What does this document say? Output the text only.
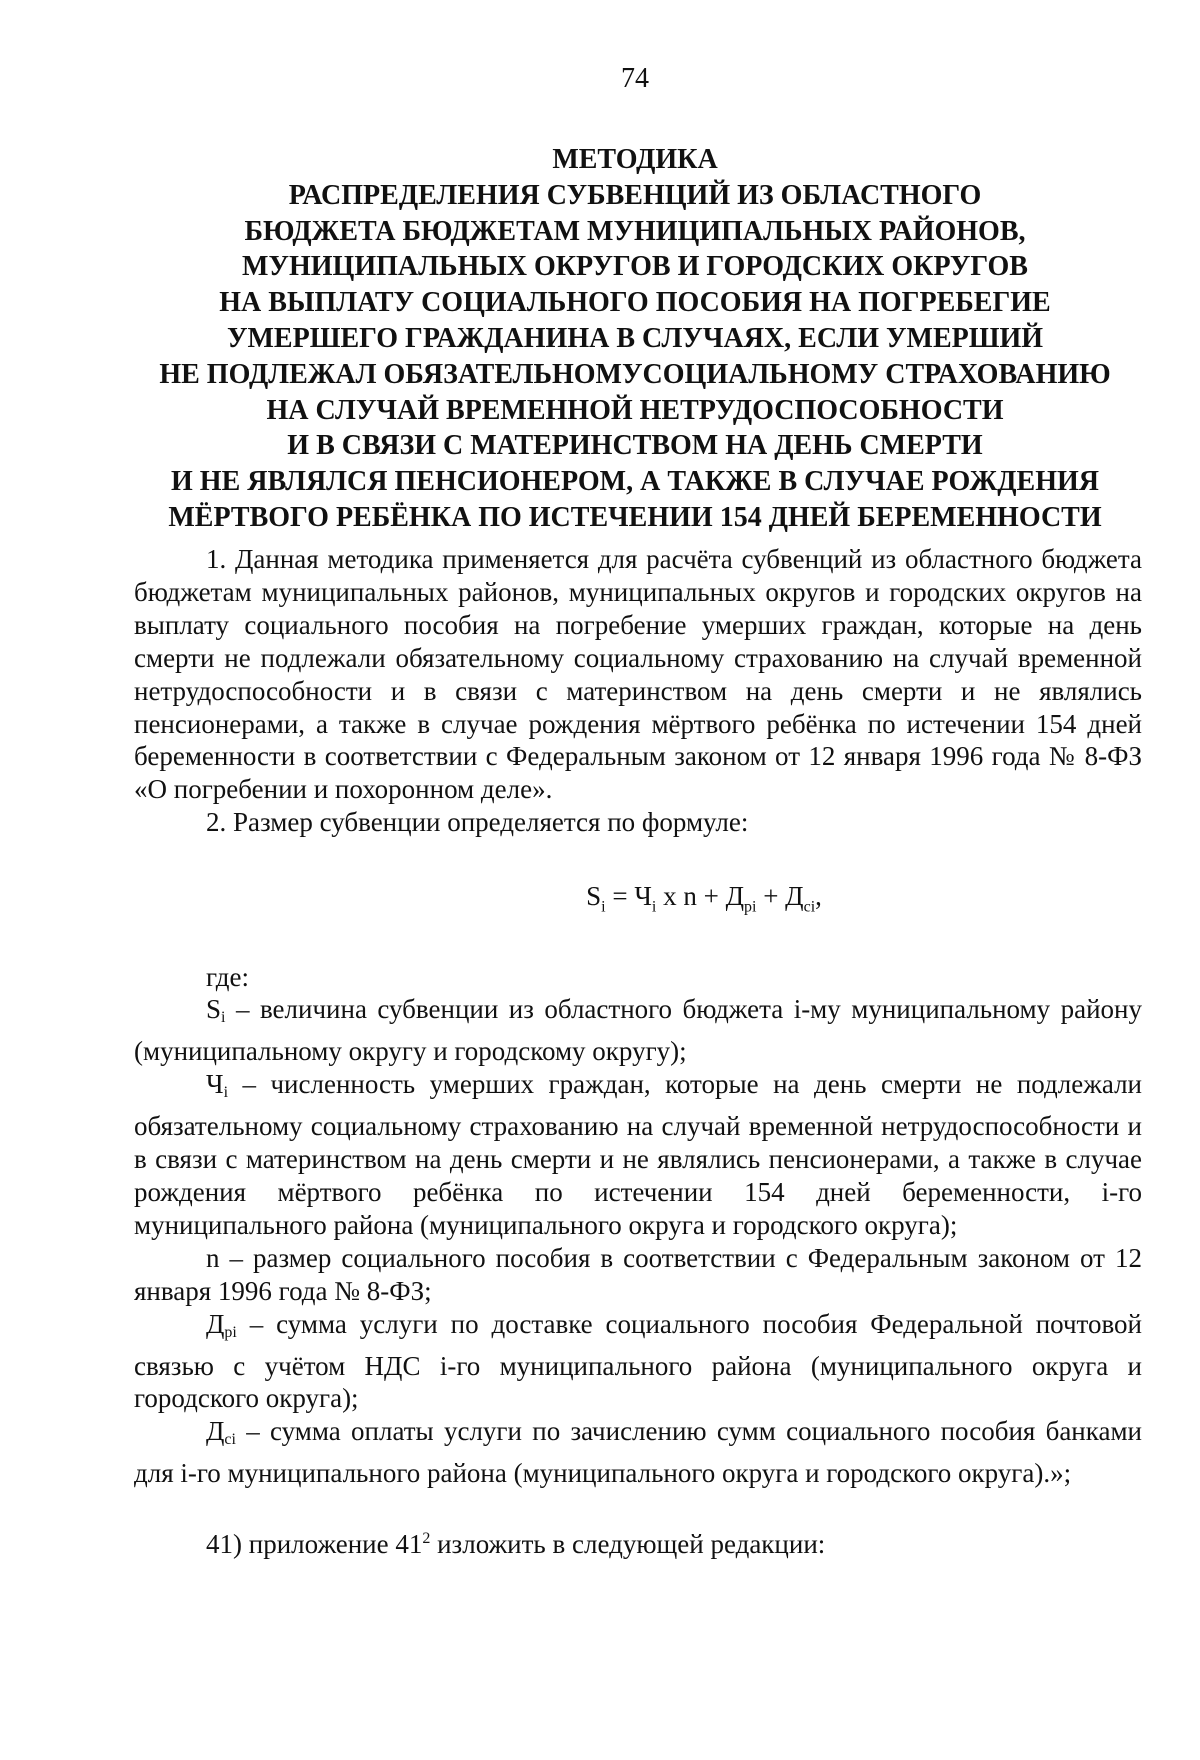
74
МЕТОДИКА
РАСПРЕДЕЛЕНИЯ СУБВЕНЦИЙ ИЗ ОБЛАСТНОГО
БЮДЖЕТА БЮДЖЕТАМ МУНИЦИПАЛЬНЫХ РАЙОНОВ,
МУНИЦИПАЛЬНЫХ ОКРУГОВ И ГОРОДСКИХ ОКРУГОВ
НА ВЫПЛАТУ СОЦИАЛЬНОГО ПОСОБИЯ НА ПОГРЕБЕГИЕ
УМЕРШЕГО ГРАЖДАНИНА В СЛУЧАЯХ, ЕСЛИ УМЕРШИЙ
НЕ ПОДЛЕЖАЛ ОБЯЗАТЕЛЬНОМУСОЦИАЛЬНОМУ СТРАХОВАНИЮ
НА СЛУЧАЙ ВРЕМЕННОЙ НЕТРУДОСПОСОБНОСТИ
И В СВЯЗИ С МАТЕРИНСТВОМ НА ДЕНЬ СМЕРТИ
И НЕ ЯВЛЯЛСЯ ПЕНСИОНЕРОМ, А ТАКЖЕ В СЛУЧАЕ РОЖДЕНИЯ
МЁРТВОГО РЕБЁНКА ПО ИСТЕЧЕНИИ 154 ДНЕЙ БЕРЕМЕННОСТИ

1. Данная методика применяется для расчёта субвенций из областного бюджета бюджетам муниципальных районов, муниципальных округов и городских округов на выплату социального пособия на погребение умерших граждан, которые на день смерти не подлежали обязательному социальному страхованию на случай временной нетрудоспособности и в связи с материнством на день смерти и не являлись пенсионерами, а также в случае рождения мёртвого ребёнка по истечении 154 дней беременности в соответствии с Федеральным законом от 12 января 1996 года № 8-ФЗ «О погребении и похоронном деле».

2. Размер субвенции определяется по формуле:

$S_i = Ч_i$ x $n + Д_{pi} + Д_{ci}$,

где:

$S_i$ – величина субвенции из областного бюджета i-му муниципальному району (муниципальному округу и городскому округу);

$Ч_i$ – численность умерших граждан, которые на день смерти не подлежали обязательному социальному страхованию на случай временной нетрудоспособности и в связи с материнством на день смерти и не являлись пенсионерами, а также в случае рождения мёртвого ребёнка по истечении 154 дней беременности, i-го муниципального района (муниципального округа и городского округа);

n – размер социального пособия в соответствии с Федеральным законом от 12 января 1996 года № 8-ФЗ;

$Д_{pi}$ – сумма услуги по доставке социального пособия Федеральной почтовой связью с учётом НДС i-го муниципального района (муниципального округа и городского округа);

$Д_{ci}$ – сумма оплаты услуги по зачислению сумм социального пособия банками для i-го муниципального района (муниципального округа и городского округа).»;

41) приложение $41^2$ изложить в следующей редакции:
